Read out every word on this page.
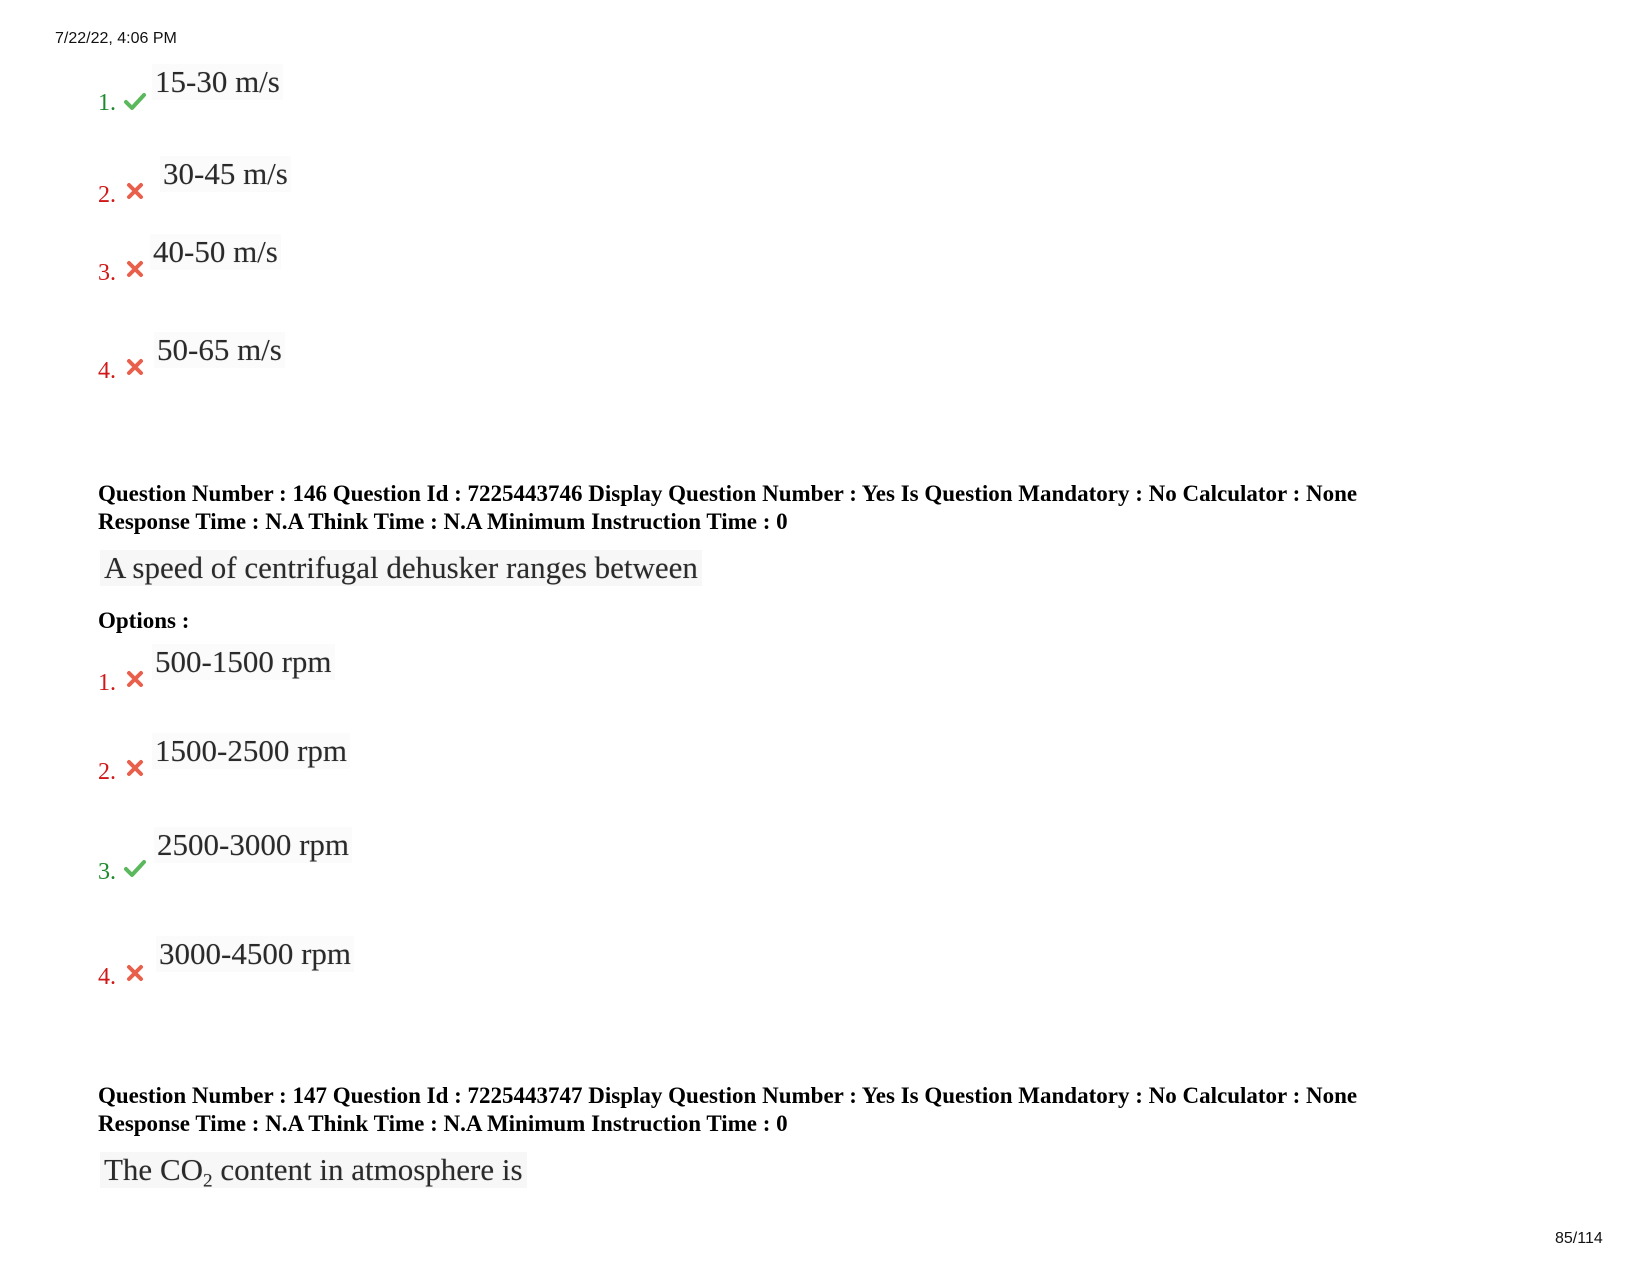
7/22/22, 4:06 PM
85/114
1.
15-30 m/s
2.
30-45 m/s
3.
40-50 m/s
4.
50-65 m/s
Question Number : 146 Question Id : 7225443746 Display Question Number : Yes Is Question Mandatory : No Calculator : None
Response Time : N.A Think Time : N.A Minimum Instruction Time : 0
A speed of centrifugal dehusker ranges between
Options :
1.
500-1500 rpm
2.
1500-2500 rpm
3.
2500-3000 rpm
4.
3000-4500 rpm
Question Number : 147 Question Id : 7225443747 Display Question Number : Yes Is Question Mandatory : No Calculator : None
Response Time : N.A Think Time : N.A Minimum Instruction Time : 0
The $CO_2$ content in atmosphere is
